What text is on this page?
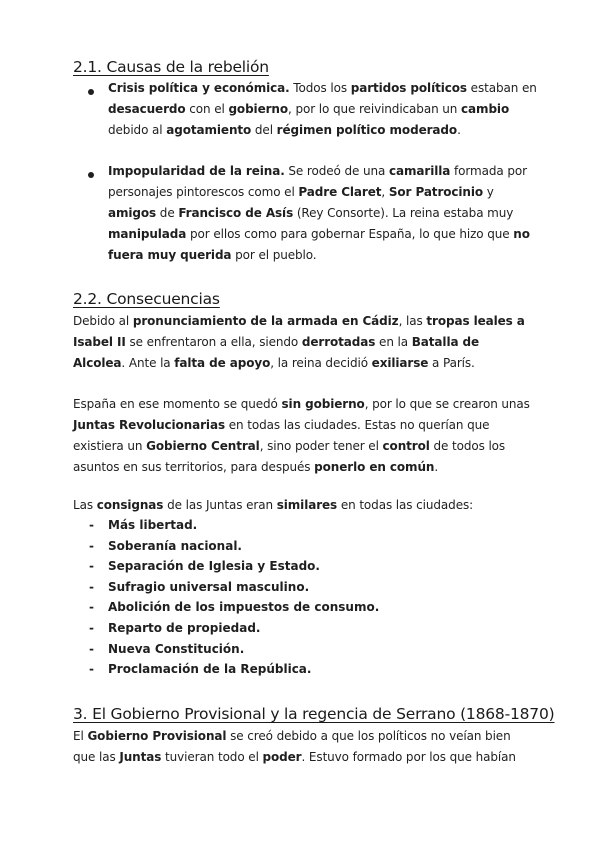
2.1. Causas de la rebelión

Crisis política y económica. Todos los partidos políticos estaban en desacuerdo con el gobierno, por lo que reivindicaban un cambio debido al agotamiento del régimen político moderado.

Impopularidad de la reina. Se rodeó de una camarilla formada por personajes pintorescos como el Padre Claret, Sor Patrocinio y amigos de Francisco de Asís (Rey Consorte). La reina estaba muy manipulada por ellos como para gobernar España, lo que hizo que no fuera muy querida por el pueblo.

2.2. Consecuencias

Debido al pronunciamiento de la armada en Cádiz, las tropas leales a Isabel II se enfrentaron a ella, siendo derrotadas en la Batalla de Alcolea. Ante la falta de apoyo, la reina decidió exiliarse a París.

España en ese momento se quedó sin gobierno, por lo que se crearon unas Juntas Revolucionarias en todas las ciudades. Estas no querían que existiera un Gobierno Central, sino poder tener el control de todos los asuntos en sus territorios, para después ponerlo en común.

Las consignas de las Juntas eran similares en todas las ciudades:

- Más libertad.
- Soberanía nacional.
- Separación de Iglesia y Estado.
- Sufragio universal masculino.
- Abolición de los impuestos de consumo.
- Reparto de propiedad.
- Nueva Constitución.
- Proclamación de la República.
3. El Gobierno Provisional y la regencia de Serrano (1868-1870)

El Gobierno Provisional se creó debido a que los políticos no veían bien que las Juntas tuvieran todo el poder. Estuvo formado por los que habían
